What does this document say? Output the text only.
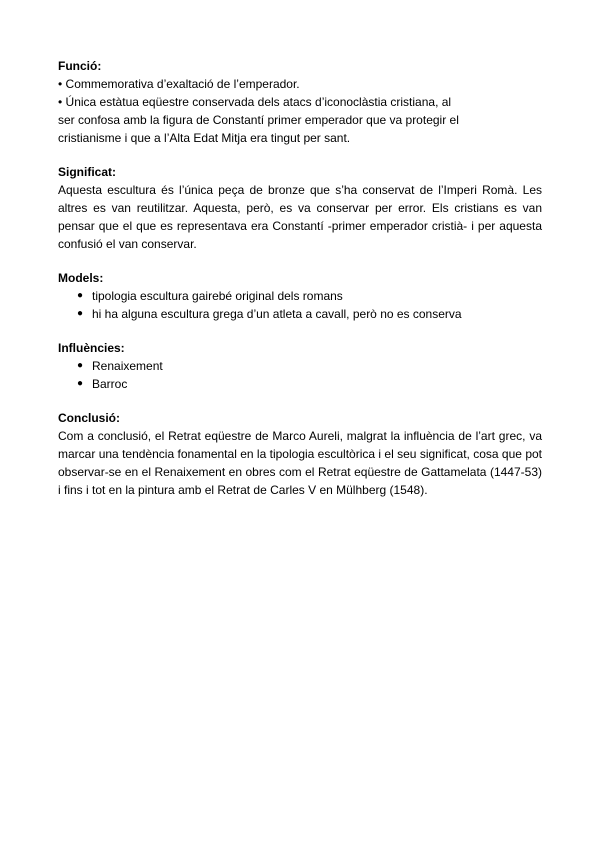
Funció:
• Commemorativa d’exaltació de l’emperador.
• Única estàtua eqüestre conservada dels atacs d’iconoclàstia cristiana, al
ser confosa amb la figura de Constantí primer emperador que va protegir el
cristianisme i que a l’Alta Edat Mitja era tingut per sant.
Significat:

Aquesta escultura és l’única peça de bronze que s’ha conservat de l’Imperi Romà. Les altres es van reutilitzar. Aquesta, però, es va conservar per error. Els cristians es van pensar que el que es representava era Constantí -primer emperador cristià- i per aquesta confusió el van conservar.

Models:
● tipologia escultura gairebé original dels romans
● hi ha alguna escultura grega d’un atleta a cavall, però no es conserva
Influències:
● Renaixement
● Barroc
Conclusió:

Com a conclusió, el Retrat eqüestre de Marco Aureli, malgrat la influència de l’art grec, va marcar una tendència fonamental en la tipologia escultòrica i el seu significat, cosa que pot observar-se en el Renaixement en obres com el Retrat eqüestre de Gattamelata (1447-53) i fins i tot en la pintura amb el Retrat de Carles V en Mülhberg (1548).
